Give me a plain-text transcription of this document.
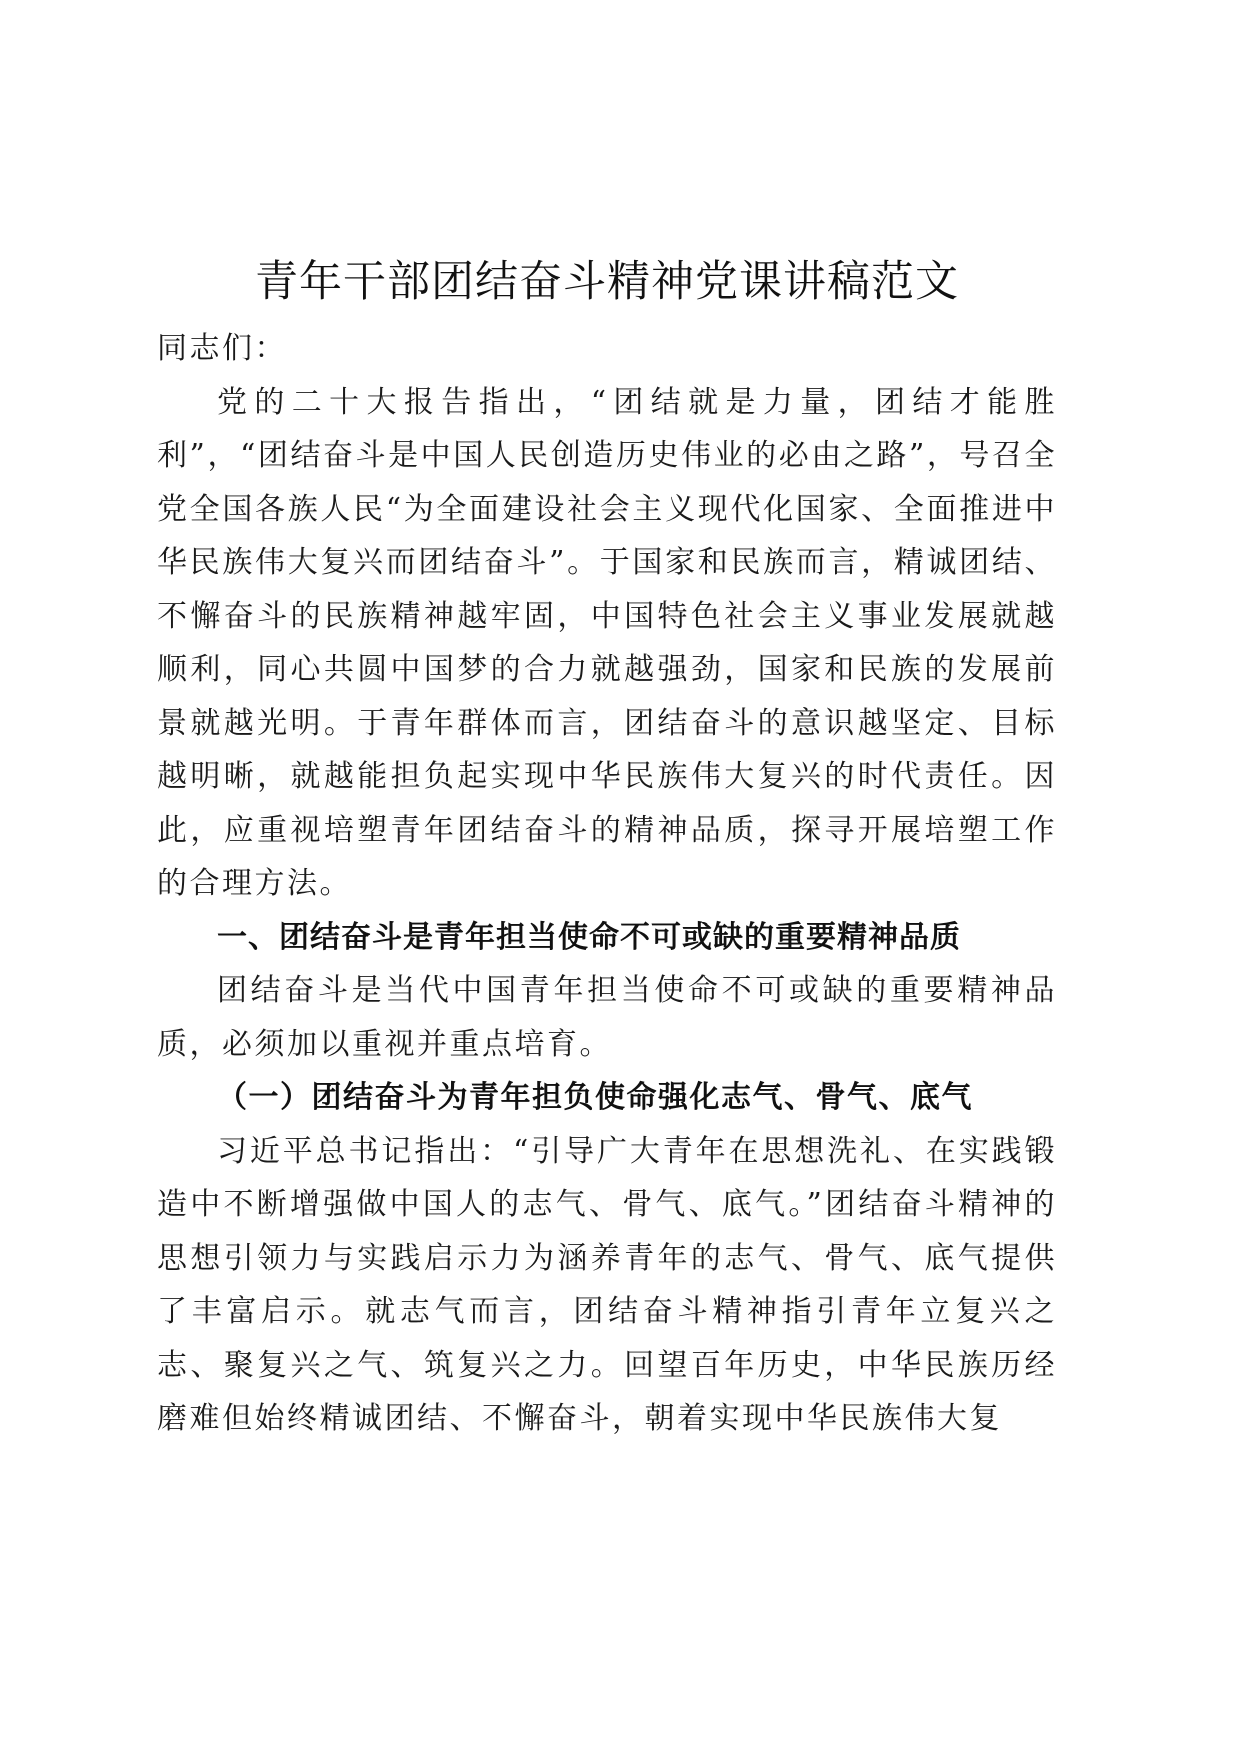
青年干部团结奋斗精神党课讲稿范文

同志们：

党的二十大报告指出，“团结就是力量，团结才能胜利”，“团结奋斗是中国人民创造历史伟业的必由之路”，号召全党全国各族人民“为全面建设社会主义现代化国家、全面推进中华民族伟大复兴而团结奋斗”。于国家和民族而言，精诚团结、不懈奋斗的民族精神越牢固，中国特色社会主义事业发展就越顺利，同心共圆中国梦的合力就越强劲，国家和民族的发展前景就越光明。于青年群体而言，团结奋斗的意识越坚定、目标越明晰，就越能担负起实现中华民族伟大复兴的时代责任。因此，应重视培塑青年团结奋斗的精神品质，探寻开展培塑工作的合理方法。

一、团结奋斗是青年担当使命不可或缺的重要精神品质

团结奋斗是当代中国青年担当使命不可或缺的重要精神品质，必须加以重视并重点培育。

（一）团结奋斗为青年担负使命强化志气、骨气、底气

习近平总书记指出：“引导广大青年在思想洗礼、在实践锻造中不断增强做中国人的志气、骨气、底气。”团结奋斗精神的思想引领力与实践启示力为涵养青年的志气、骨气、底气提供了丰富启示。就志气而言，团结奋斗精神指引青年立复兴之志、聚复兴之气、筑复兴之力。回望百年历史，中华民族历经磨难但始终精诚团结、不懈奋斗，朝着实现中华民族伟大复
